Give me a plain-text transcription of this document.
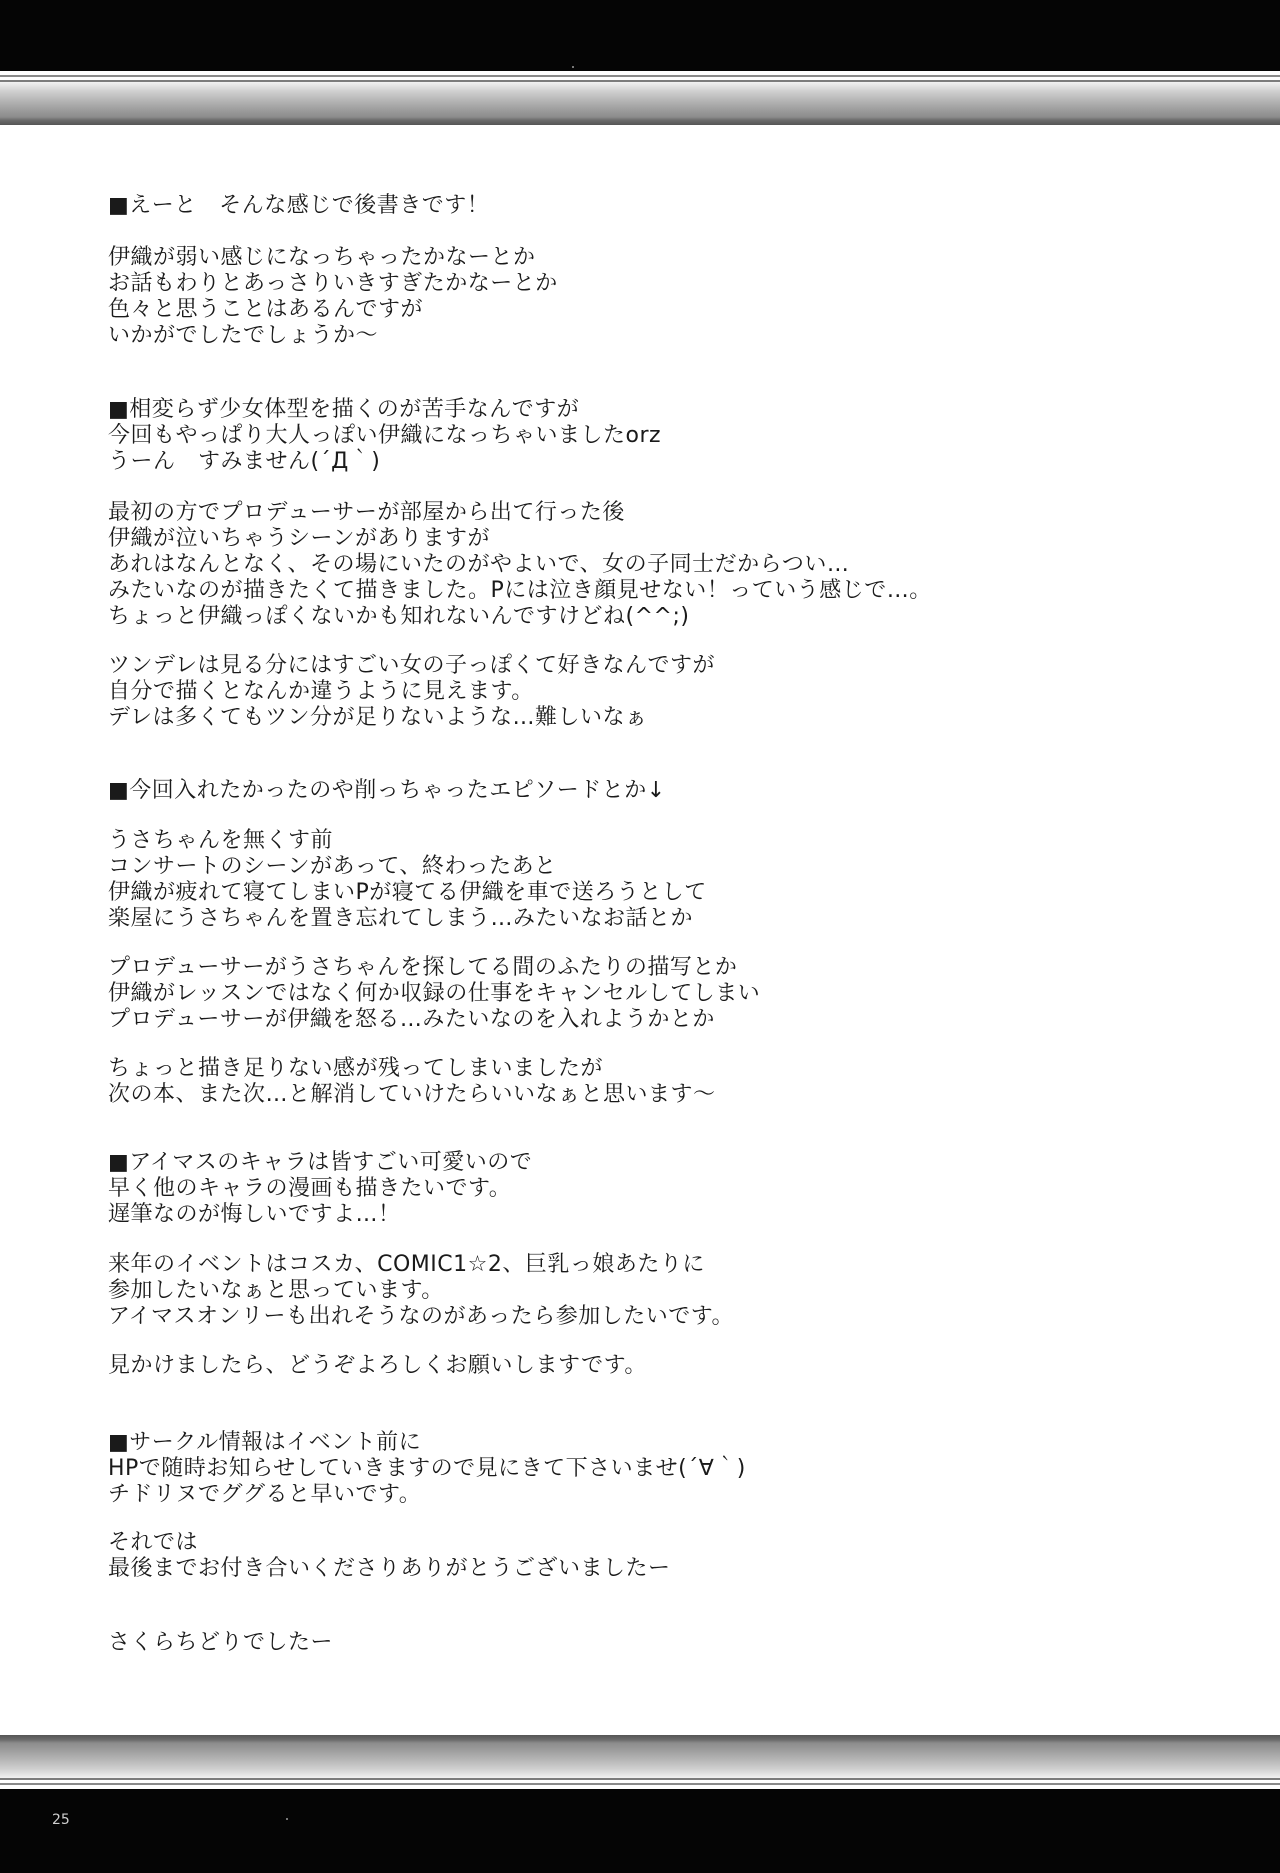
■えーと　そんな感じで後書きです！
伊織が弱い感じになっちゃったかなーとか
お話もわりとあっさりいきすぎたかなーとか
色々と思うことはあるんですが
いかがでしたでしょうか～
■相変らず少女体型を描くのが苦手なんですが
今回もやっぱり大人っぽい伊織になっちゃいましたorz
うーん　すみません(´Д｀)
最初の方でプロデューサーが部屋から出て行った後
伊織が泣いちゃうシーンがありますが
あれはなんとなく、その場にいたのがやよいで、女の子同士だからつい…
みたいなのが描きたくて描きました。Pには泣き顔見せない！っていう感じで…。
ちょっと伊織っぽくないかも知れないんですけどね(^^;)
ツンデレは見る分にはすごい女の子っぽくて好きなんですが
自分で描くとなんか違うように見えます。
デレは多くてもツン分が足りないような…難しいなぁ
■今回入れたかったのや削っちゃったエピソードとか↓
うさちゃんを無くす前
コンサートのシーンがあって、終わったあと
伊織が疲れて寝てしまいPが寝てる伊織を車で送ろうとして
楽屋にうさちゃんを置き忘れてしまう…みたいなお話とか
プロデューサーがうさちゃんを探してる間のふたりの描写とか
伊織がレッスンではなく何か収録の仕事をキャンセルしてしまい
プロデューサーが伊織を怒る…みたいなのを入れようかとか
ちょっと描き足りない感が残ってしまいましたが
次の本、また次…と解消していけたらいいなぁと思います～
■アイマスのキャラは皆すごい可愛いので
早く他のキャラの漫画も描きたいです。
遅筆なのが悔しいですよ…！
来年のイベントはコスカ、COMIC1☆2、巨乳っ娘あたりに
参加したいなぁと思っています。
アイマスオンリーも出れそうなのがあったら参加したいです。
見かけましたら、どうぞよろしくお願いしますです。
■サークル情報はイベント前に
HPで随時お知らせしていきますので見にきて下さいませ(´∀｀)
チドリヌでググると早いです。
それでは
最後までお付き合いくださりありがとうございましたー
さくらちどりでしたー
25
